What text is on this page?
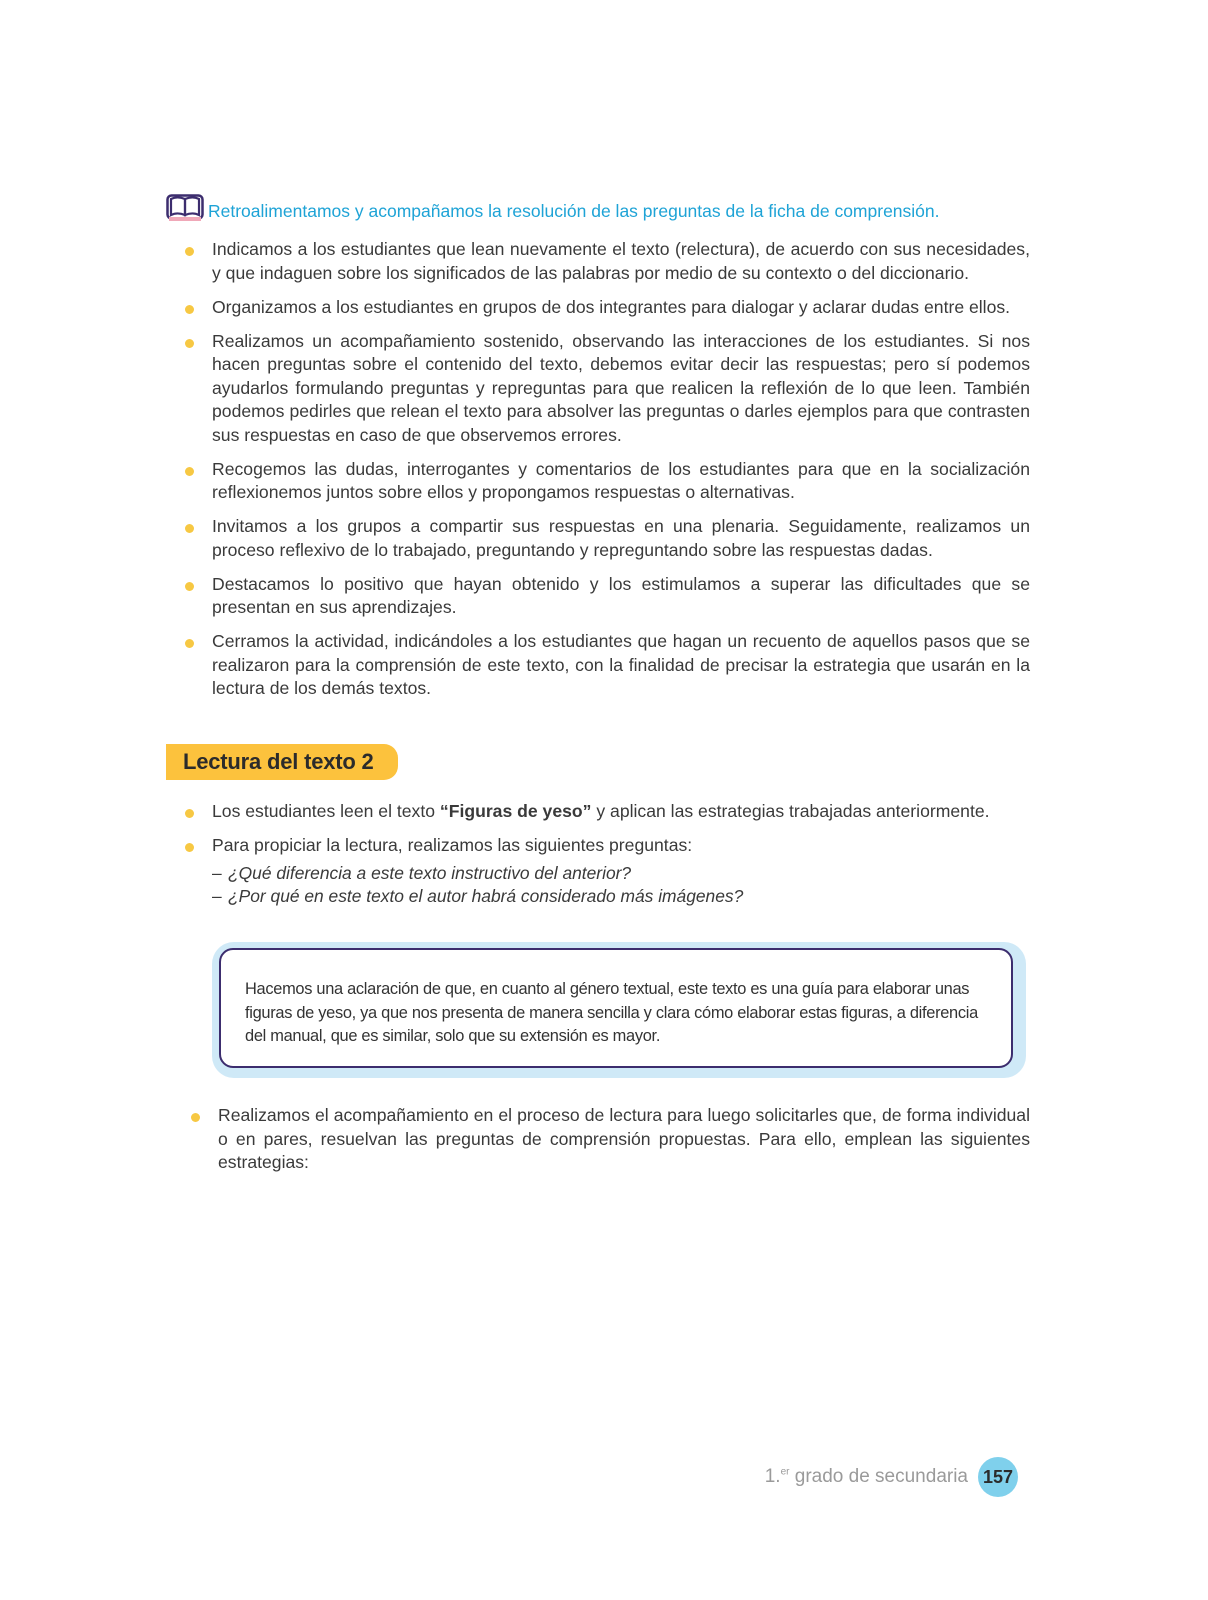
Retroalimentamos y acompañamos la resolución de las preguntas de la ficha de comprensión.
Indicamos a los estudiantes que lean nuevamente el texto (relectura), de acuerdo con sus necesidades, y que indaguen sobre los significados de las palabras por medio de su contexto o del diccionario.
Organizamos a los estudiantes en grupos de dos integrantes para dialogar y aclarar dudas entre ellos.
Realizamos un acompañamiento sostenido, observando las interacciones de los estudiantes. Si nos hacen preguntas sobre el contenido del texto, debemos evitar decir las respuestas; pero sí podemos ayudarlos formulando preguntas y repreguntas para que realicen la reflexión de lo que leen. También podemos pedirles que relean el texto para absolver las preguntas o darles ejemplos para que contrasten sus respuestas en caso de que observemos errores.
Recogemos las dudas, interrogantes y comentarios de los estudiantes para que en la socialización reflexionemos juntos sobre ellos y propongamos respuestas o alternativas.
Invitamos a los grupos a compartir sus respuestas en una plenaria. Seguidamente, realizamos un proceso reflexivo de lo trabajado, preguntando y repreguntando sobre las respuestas dadas.
Destacamos lo positivo que hayan obtenido y los estimulamos a superar las dificultades que se presentan en sus aprendizajes.
Cerramos la actividad, indicándoles a los estudiantes que hagan un recuento de aquellos pasos que se realizaron para la comprensión de este texto, con la finalidad de precisar la estrategia que usarán en la lectura de los demás textos.
Lectura del texto 2
Los estudiantes leen el texto “Figuras de yeso” y aplican las estrategias trabajadas anteriormente.
Para propiciar la lectura, realizamos las siguientes preguntas:
– ¿Qué diferencia a este texto instructivo del anterior?
– ¿Por qué en este texto el autor habrá considerado más imágenes?
Hacemos una aclaración de que, en cuanto al género textual, este texto es una guía para elaborar unas figuras de yeso, ya que nos presenta de manera sencilla y clara cómo elaborar estas figuras, a diferencia del manual, que es similar, solo que su extensión es mayor.
Realizamos el acompañamiento en el proceso de lectura para luego solicitarles que, de forma individual o en pares, resuelvan las preguntas de comprensión propuestas. Para ello, emplean las siguientes estrategias:
1.$^{er}$ grado de secundaria 157
